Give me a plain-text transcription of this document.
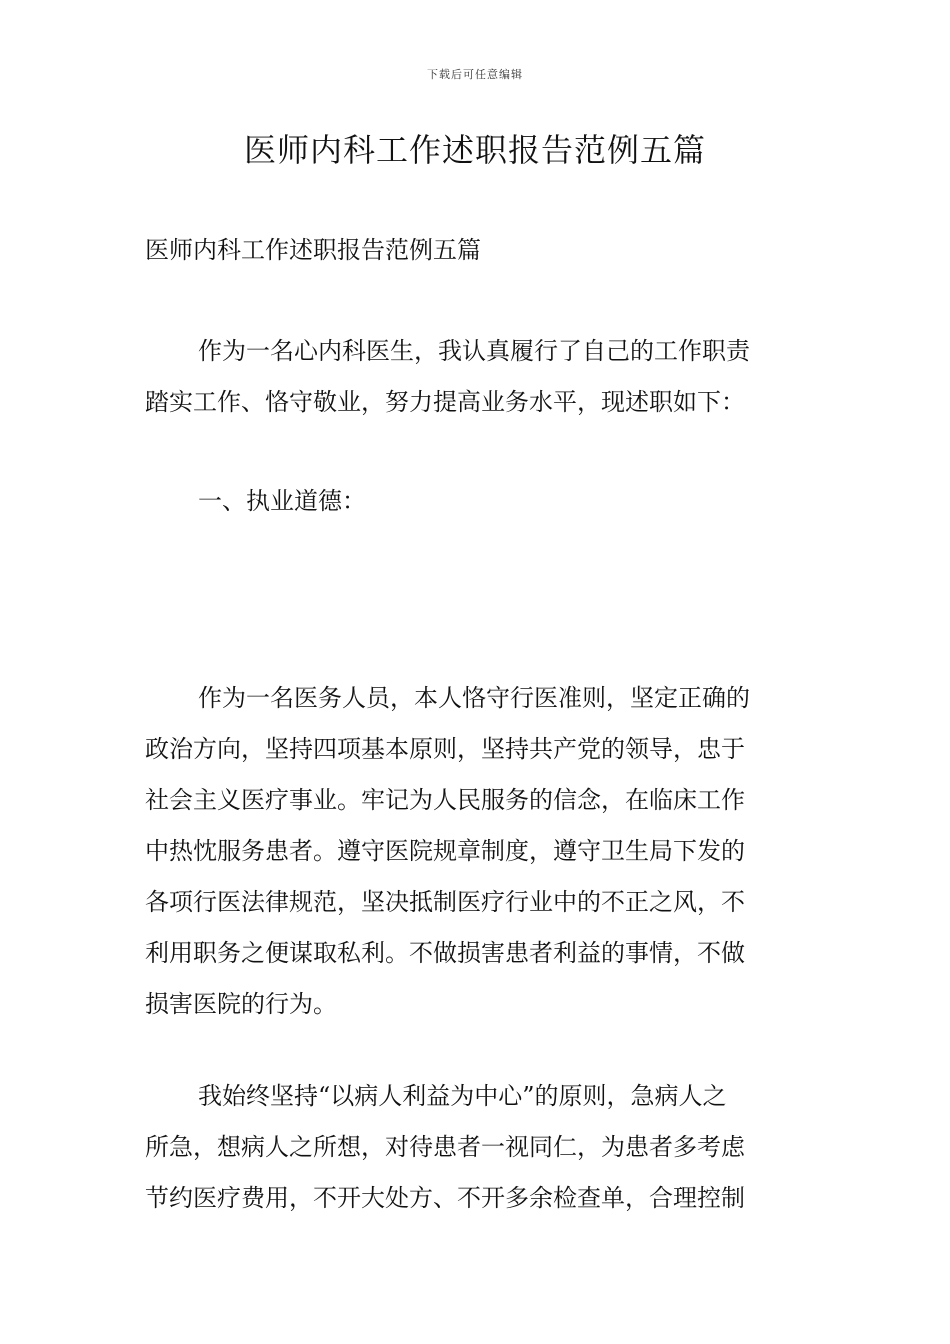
下载后可任意编辑
医师内科工作述职报告范例五篇
医师内科工作述职报告范例五篇
作为一名心内科医生，我认真履行了自己的工作职责
踏实工作、恪守敬业，努力提高业务水平，现述职如下：
一、执业道德：
作为一名医务人员，本人恪守行医准则，坚定正确的
政治方向，坚持四项基本原则，坚持共产党的领导，忠于
社会主义医疗事业。牢记为人民服务的信念，在临床工作
中热忱服务患者。遵守医院规章制度，遵守卫生局下发的
各项行医法律规范，坚决抵制医疗行业中的不正之风，不
利用职务之便谋取私利。不做损害患者利益的事情，不做
损害医院的行为。
我始终坚持“以病人利益为中心”的原则，急病人之
所急，想病人之所想，对待患者一视同仁，为患者多考虑
节约医疗费用，不开大处方、不开多余检查单，合理控制
